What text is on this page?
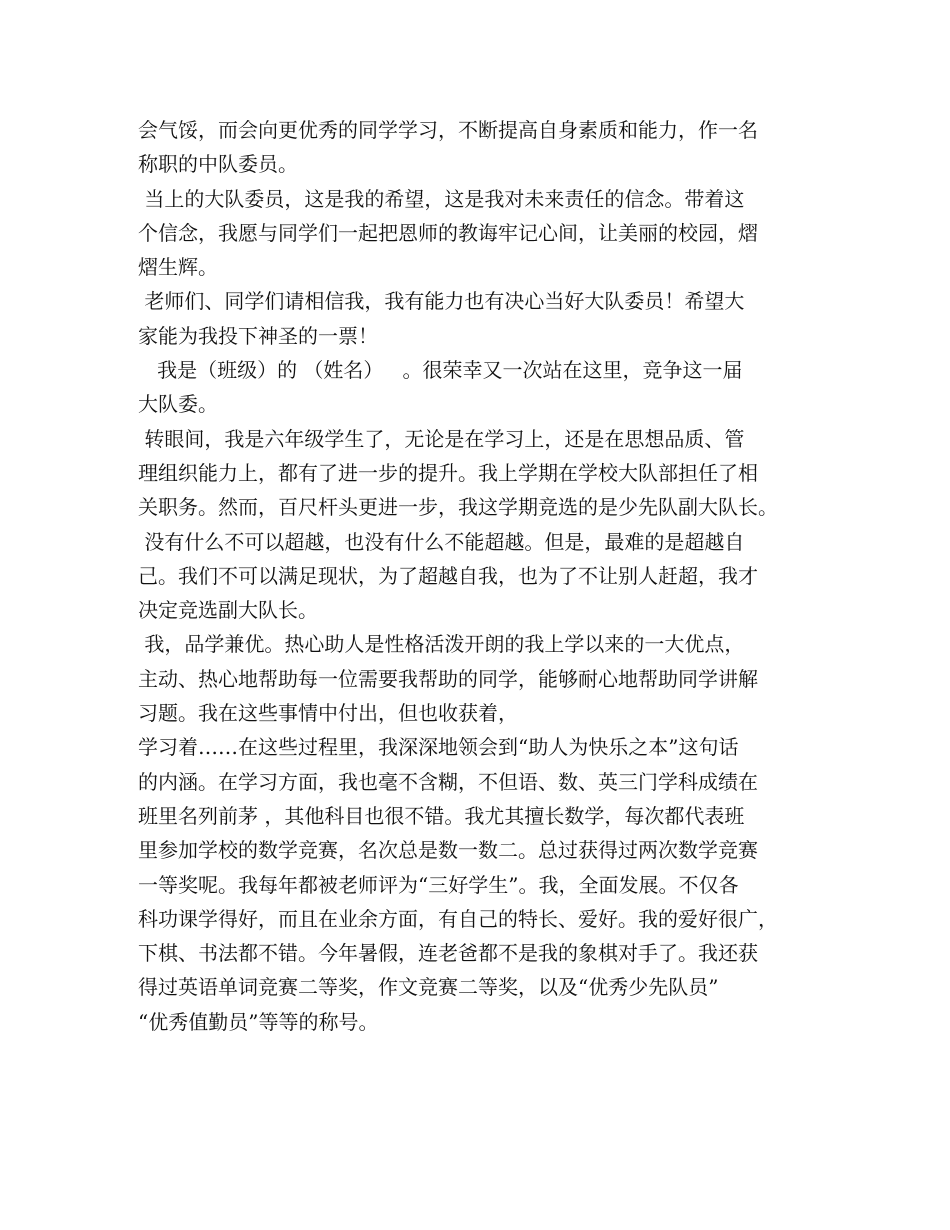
会气馁，而会向更优秀的同学学习，不断提高自身素质和能力，作一名
称职的中队委员。
当上的大队委员，这是我的希望，这是我对未来责任的信念。带着这
个信念，我愿与同学们一起把恩师的教诲牢记心间，让美丽的校园，熠
熠生辉。
老师们、同学们请相信我，我有能力也有决心当好大队委员！希望大
家能为我投下神圣的一票！
我是（班级）的 （姓名）   。很荣幸又一次站在这里，竞争这一届
大队委。
转眼间，我是六年级学生了，无论是在学习上，还是在思想品质、管
理组织能力上，都有了进一步的提升。我上学期在学校大队部担任了相
关职务。然而，百尺杆头更进一步，我这学期竞选的是少先队副大队长。
没有什么不可以超越，也没有什么不能超越。但是，最难的是超越自
己。我们不可以满足现状，为了超越自我，也为了不让别人赶超，我才
决定竞选副大队长。
我，品学兼优。热心助人是性格活泼开朗的我上学以来的一大优点，
主动、热心地帮助每一位需要我帮助的同学，能够耐心地帮助同学讲解
习题。我在这些事情中付出，但也收获着，
学习着……在这些过程里，我深深地领会到“助人为快乐之本”这句话
的内涵。在学习方面，我也毫不含糊，不但语、数、英三门学科成绩在
班里名列前茅 ，其他科目也很不错。我尤其擅长数学，每次都代表班
里参加学校的数学竞赛，名次总是数一数二。总过获得过两次数学竞赛
一等奖呢。我每年都被老师评为“三好学生”。我，全面发展。不仅各
科功课学得好，而且在业余方面，有自己的特长、爱好。我的爱好很广，
下棋、书法都不错。今年暑假，连老爸都不是我的象棋对手了。我还获
得过英语单词竞赛二等奖，作文竞赛二等奖，以及“优秀少先队员”
“优秀值勤员”等等的称号。
